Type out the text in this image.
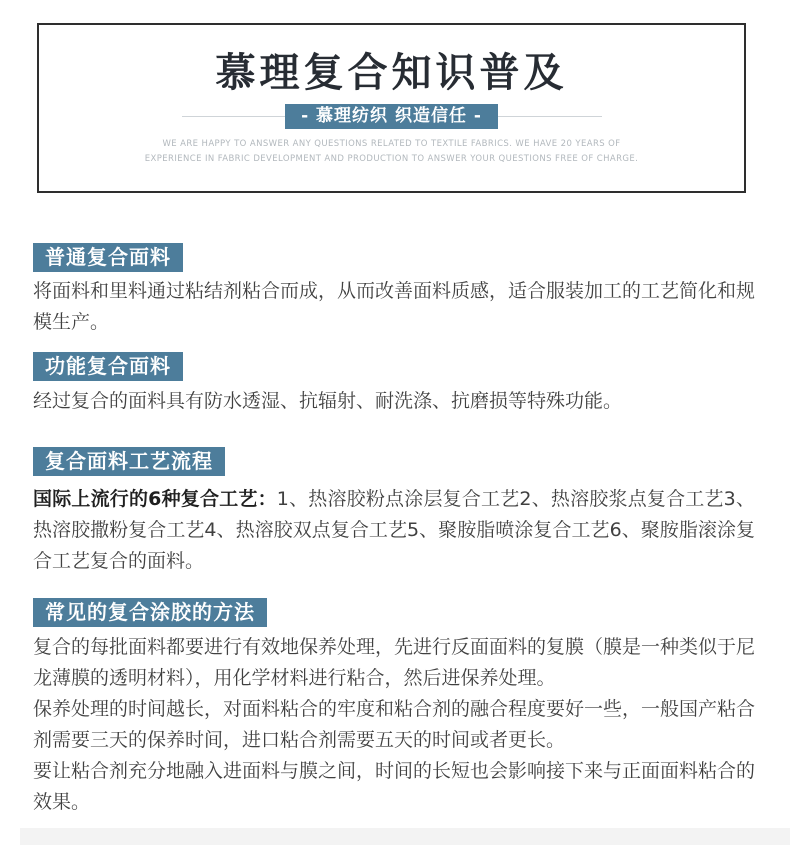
慕理复合知识普及
- 慕理纺织 织造信任 -

WE ARE HAPPY TO ANSWER ANY QUESTIONS RELATED TO TEXTILE FABRICS. WE HAVE 20 YEARS OF

EXPERIENCE IN FABRIC DEVELOPMENT AND PRODUCTION TO ANSWER YOUR QUESTIONS FREE OF CHARGE.

普通复合面料

将面料和里料通过粘结剂粘合而成，从而改善面料质感，适合服装加工的工艺简化和规模生产。

功能复合面料

经过复合的面料具有防水透湿、抗辐射、耐洗涤、抗磨损等特殊功能。

复合面料工艺流程

国际上流行的6种复合工艺：1、热溶胶粉点涂层复合工艺2、热溶胶浆点复合工艺3、热溶胶撒粉复合工艺4、热溶胶双点复合工艺5、聚胺脂喷涂复合工艺6、聚胺脂滚涂复合工艺复合的面料。

常见的复合涂胶的方法

复合的每批面料都要进行有效地保养处理，先进行反面面料的复膜（膜是一种类似于尼龙薄膜的透明材料），用化学材料进行粘合，然后进保养处理。

保养处理的时间越长，对面料粘合的牢度和粘合剂的融合程度要好一些，一般国产粘合剂需要三天的保养时间，进口粘合剂需要五天的时间或者更长。

要让粘合剂充分地融入进面料与膜之间，时间的长短也会影响接下来与正面面料粘合的效果。
